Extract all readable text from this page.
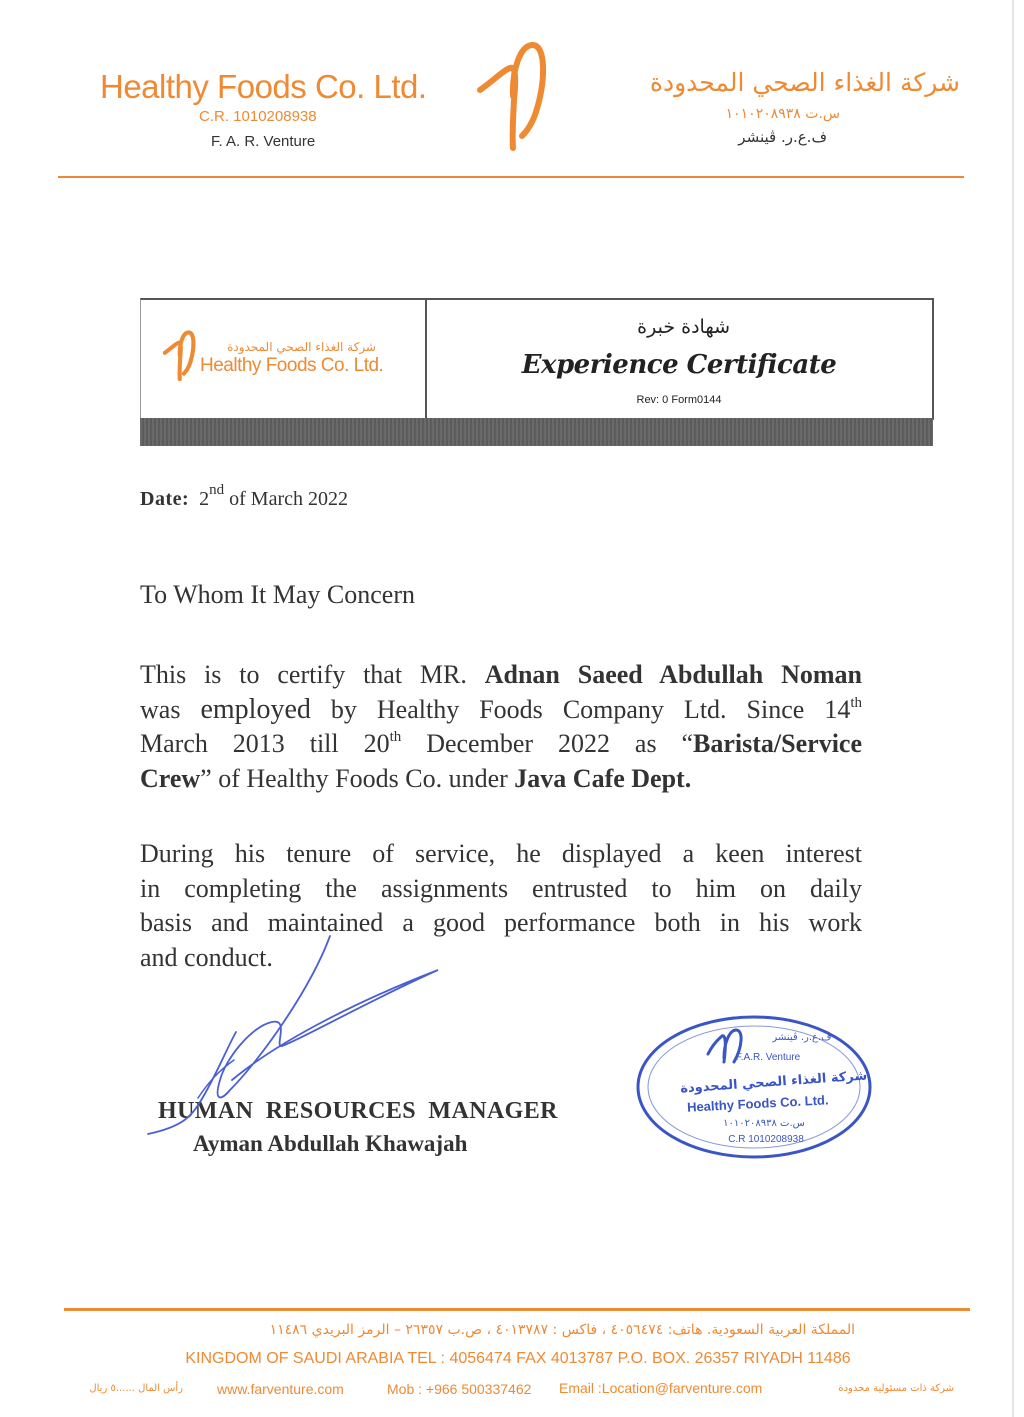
Healthy Foods Co. Ltd.
C.R. 1010208938
F. A. R. Venture
شركة الغذاء الصحي المحدودة
س.ت ١٠١٠٢٠٨٩٣٨
ف.ع.ر. ڤينشر
شركة الغذاء الصحي المحدودة
Healthy Foods Co. Ltd.
شهادة خبرة
Experience Certificate
Rev: 0 Form0144
Date: 2nd of March 2022
To Whom It May Concern
This is to certify that MR. Adnan Saeed Abdullah Noman
was employed by Healthy Foods Company Ltd. Since 14th
March 2013 till 20th December 2022 as “Barista/Service
Crew” of Healthy Foods Co. under Java Cafe Dept.
During his tenure of service, he displayed a keen interest
in completing the assignments entrusted to him on daily
basis and maintained a good performance both in his work
and conduct.
HUMAN RESOURCES MANAGER
Ayman Abdullah Khawajah
ف.ع.ر. ڤينشر
F.A.R. Venture
شركة الغذاء الصحي المحدودة
Healthy Foods Co. Ltd.
س.ت ١٠١٠٢٠٨٩٣٨
C.R 1010208938
المملكة العربية السعودية. هاتف: ٤٠٥٦٤٧٤ ، فاكس : ٤٠١٣٧٨٧ ، ص.ب ٢٦٣٥٧ – الرمز البريدي ١١٤٨٦
KINGDOM OF SAUDI ARABIA TEL : 4056474 FAX 4013787 P.O. BOX. 26357 RIYADH 11486
رأس المال ......٥ ريال www.farventure.com	Mob : +966 500337462 Email :Location@farventure.com	شركة ذات مسئولية محدودة
